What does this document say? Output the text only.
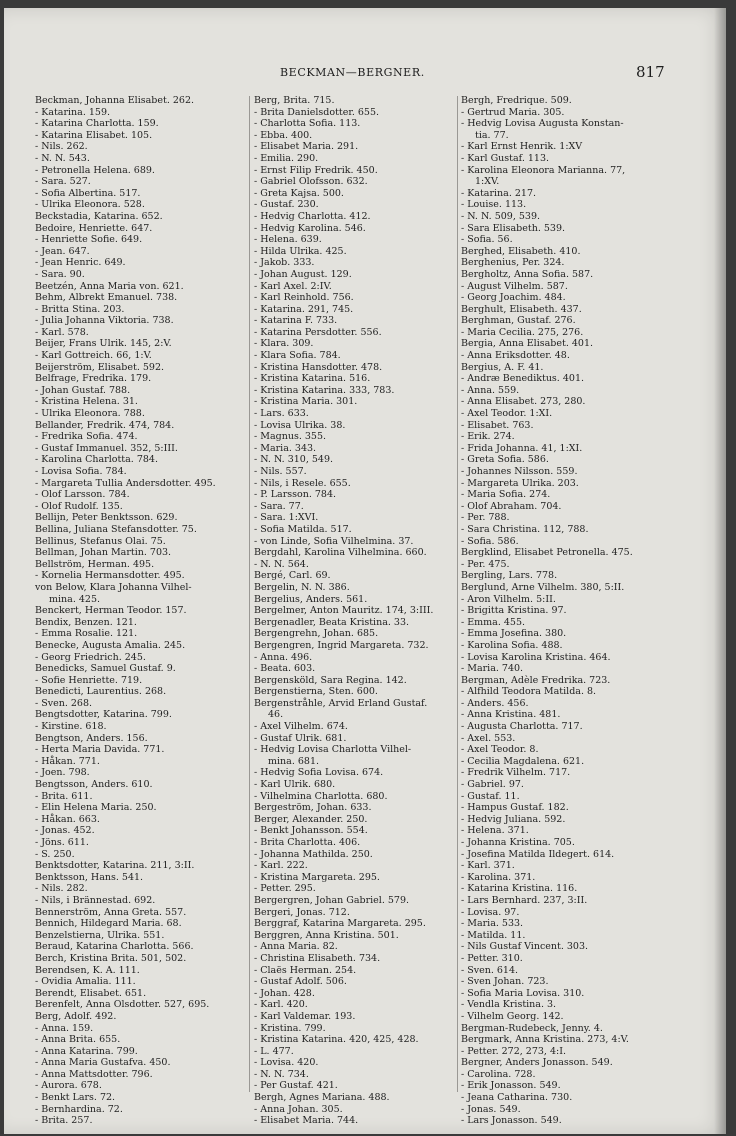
BECKMAN—BERGNER.	817
Beckman, Johanna Elisabet. 262.
- Katarina. 159.
- Katarina Charlotta. 159.
- Katarina Elisabet. 105.
- Nils. 262.
- N. N. 543.
- Petronella Helena. 689.
- Sara. 527.
- Sofia Albertina. 517.
- Ulrika Eleonora. 528.
Beckstadia, Katarina. 652.
Bedoire, Henriette. 647.
- Henriette Sofie. 649.
- Jean. 647.
- Jean Henric. 649.
- Sara. 90.
Beetzén, Anna Maria von. 621.
Behm, Albrekt Emanuel. 738.
- Britta Stina. 203.
- Julia Johanna Viktoria. 738.
- Karl. 578.
Beijer, Frans Ulrik. 145, 2:V.
- Karl Gottreich. 66, 1:V.
Beijerström, Elisabet. 592.
Belfrage, Fredrika. 179.
- Johan Gustaf. 788.
- Kristina Helena. 31.
- Ulrika Eleonora. 788.
Bellander, Fredrik. 474, 784.
- Fredrika Sofia. 474.
- Gustaf Immanuel. 352, 5:III.
- Karolina Charlotta. 784.
- Lovisa Sofia. 784.
- Margareta Tullia Andersdotter. 495.
- Olof Larsson. 784.
- Olof Rudolf. 135.
Bellijn, Peter Benktsson. 629.
Bellina, Juliana Stefansdotter. 75.
Bellinus, Stefanus Olai. 75.
Bellman, Johan Martin. 703.
Bellström, Herman. 495.
- Kornelia Hermansdotter. 495.
von Below, Klara Johanna Vilhel-
mina. 425.
Benckert, Herman Teodor. 157.
Bendix, Benzen. 121.
- Emma Rosalie. 121.
Benecke, Augusta Amalia. 245.
- Georg Friedrich. 245.
Benedicks, Samuel Gustaf. 9.
- Sofie Henriette. 719.
Benedicti, Laurentius. 268.
- Sven. 268.
Bengtsdotter, Katarina. 799.
- Kirstine. 618.
Bengtson, Anders. 156.
- Herta Maria Davida. 771.
- Håkan. 771.
- Joen. 798.
Bengtsson, Anders. 610.
- Brita. 611.
- Elin Helena Maria. 250.
- Håkan. 663.
- Jonas. 452.
- Jöns. 611.
- S. 250.
Benktsdotter, Katarina. 211, 3:II.
Benktsson, Hans. 541.
- Nils. 282.
- Nils, i Brännestad. 692.
Bennerström, Anna Greta. 557.
Bennich, Hildegard Maria. 68.
Benzelstierna, Ulrika. 551.
Beraud, Katarina Charlotta. 566.
Berch, Kristina Brita. 501, 502.
Berendsen, K. A. 111.
- Ovidia Amalia. 111.
Berendt, Elisabet. 651.
Berenfelt, Anna Olsdotter. 527, 695.
Berg, Adolf. 492.
- Anna. 159.
- Anna Brita. 655.
- Anna Katarina. 799.
- Anna Maria Gustafva. 450.
- Anna Mattsdotter. 796.
- Aurora. 678.
- Benkt Lars. 72.
- Bernhardina. 72.
- Brita. 257.
Berg, Brita. 715.
- Brita Danielsdotter. 655.
- Charlotta Sofia. 113.
- Ebba. 400.
- Elisabet Maria. 291.
- Emilia. 290.
- Ernst Filip Fredrik. 450.
- Gabriel Olofsson. 632.
- Greta Kajsa. 500.
- Gustaf. 230.
- Hedvig Charlotta. 412.
- Hedvig Karolina. 546.
- Helena. 639.
- Hilda Ulrika. 425.
- Jakob. 333.
- Johan August. 129.
- Karl Axel. 2:IV.
- Karl Reinhold. 756.
- Katarina. 291, 745.
- Katarina F. 733.
- Katarina Persdotter. 556.
- Klara. 309.
- Klara Sofia. 784.
- Kristina Hansdotter. 478.
- Kristina Katarina. 516.
- Kristina Katarina. 333, 783.
- Kristina Maria. 301.
- Lars. 633.
- Lovisa Ulrika. 38.
- Magnus. 355.
- Maria. 343.
- N. N. 310, 549.
- Nils. 557.
- Nils, i Resele. 655.
- P. Larsson. 784.
- Sara. 77.
- Sara. 1:XVI.
- Sofia Matilda. 517.
- von Linde, Sofia Vilhelmina. 37.
Bergdahl, Karolina Vilhelmina. 660.
- N. N. 564.
Bergé, Carl. 69.
Bergelin, N. N. 386.
Bergelius, Anders. 561.
Bergelmer, Anton Mauritz. 174, 3:III.
Bergenadler, Beata Kristina. 33.
Bergengrehn, Johan. 685.
Bergengren, Ingrid Margareta. 732.
- Anna. 496.
- Beata. 603.
Bergensköld, Sara Regina. 142.
Bergenstierna, Sten. 600.
Bergenstråhle, Arvid Erland Gustaf.
46.
- Axel Vilhelm. 674.
- Gustaf Ulrik. 681.
- Hedvig Lovisa Charlotta Vilhel-
mina. 681.
- Hedvig Sofia Lovisa. 674.
- Karl Ulrik. 680.
- Vilhelmina Charlotta. 680.
Bergeström, Johan. 633.
Berger, Alexander. 250.
- Benkt Johansson. 554.
- Brita Charlotta. 406.
- Johanna Mathilda. 250.
- Karl. 222.
- Kristina Margareta. 295.
- Petter. 295.
Bergergren, Johan Gabriel. 579.
Bergeri, Jonas. 712.
Berggraf, Katarina Margareta. 295.
Berggren, Anna Kristina. 501.
- Anna Maria. 82.
- Christina Elisabeth. 734.
- Claës Herman. 254.
- Gustaf Adolf. 506.
- Johan. 428.
- Karl. 420.
- Karl Valdemar. 193.
- Kristina. 799.
- Kristina Katarina. 420, 425, 428.
- L. 477.
- Lovisa. 420.
- N. N. 734.
- Per Gustaf. 421.
Bergh, Agnes Mariana. 488.
- Anna Johan. 305.
- Elisabet Maria. 744.
Bergh, Fredrique. 509.
- Gertrud Maria. 305.
- Hedvig Lovisa Augusta Konstan-
tia. 77.
- Karl Ernst Henrik. 1:XV
- Karl Gustaf. 113.
- Karolina Eleonora Marianna. 77,
1:XV.
- Katarina. 217.
- Louise. 113.
- N. N. 509, 539.
- Sara Elisabeth. 539.
- Sofia. 56.
Berghed, Elisabeth. 410.
Berghenius, Per. 324.
Bergholtz, Anna Sofia. 587.
- August Vilhelm. 587.
- Georg Joachim. 484.
Berghult, Elisabeth. 437.
Berghman, Gustaf. 276.
- Maria Cecilia. 275, 276.
Bergia, Anna Elisabet. 401.
- Anna Eriksdotter. 48.
Bergius, A. F. 41.
- Andræ Benediktus. 401.
- Anna. 559.
- Anna Elisabet. 273, 280.
- Axel Teodor. 1:XI.
- Elisabet. 763.
- Erik. 274.
- Frida Johanna. 41, 1:XI.
- Greta Sofia. 586.
- Johannes Nilsson. 559.
- Margareta Ulrika. 203.
- Maria Sofia. 274.
- Olof Abraham. 704.
- Per. 788.
- Sara Christina. 112, 788.
- Sofia. 586.
Bergklind, Elisabet Petronella. 475.
- Per. 475.
Bergling, Lars. 778.
Berglund, Arne Vilhelm. 380, 5:II.
- Aron Vilhelm. 5:II.
- Brigitta Kristina. 97.
- Emma. 455.
- Emma Josefina. 380.
- Karolina Sofia. 488.
- Lovisa Karolina Kristina. 464.
- Maria. 740.
Bergman, Adèle Fredrika. 723.
- Alfhild Teodora Matilda. 8.
- Anders. 456.
- Anna Kristina. 481.
- Augusta Charlotta. 717.
- Axel. 553.
- Axel Teodor. 8.
- Cecilia Magdalena. 621.
- Fredrik Vilhelm. 717.
- Gabriel. 97.
- Gustaf. 11.
- Hampus Gustaf. 182.
- Hedvig Juliana. 592.
- Helena. 371.
- Johanna Kristina. 705.
- Josefina Matilda Ildegert. 614.
- Karl. 371.
- Karolina. 371.
- Katarina Kristina. 116.
- Lars Bernhard. 237, 3:II.
- Lovisa. 97.
- Maria. 533.
- Matilda. 11.
- Nils Gustaf Vincent. 303.
- Petter. 310.
- Sven. 614.
- Sven Johan. 723.
- Sofia Maria Lovisa. 310.
- Vendla Kristina. 3.
- Vilhelm Georg. 142.
Bergman-Rudebeck, Jenny. 4.
Bergmark, Anna Kristina. 273, 4:V.
- Petter. 272, 273, 4:I.
Bergner, Anders Jonasson. 549.
- Carolina. 728.
- Erik Jonasson. 549.
- Jeana Catharina. 730.
- Jonas. 549.
- Lars Jonasson. 549.
